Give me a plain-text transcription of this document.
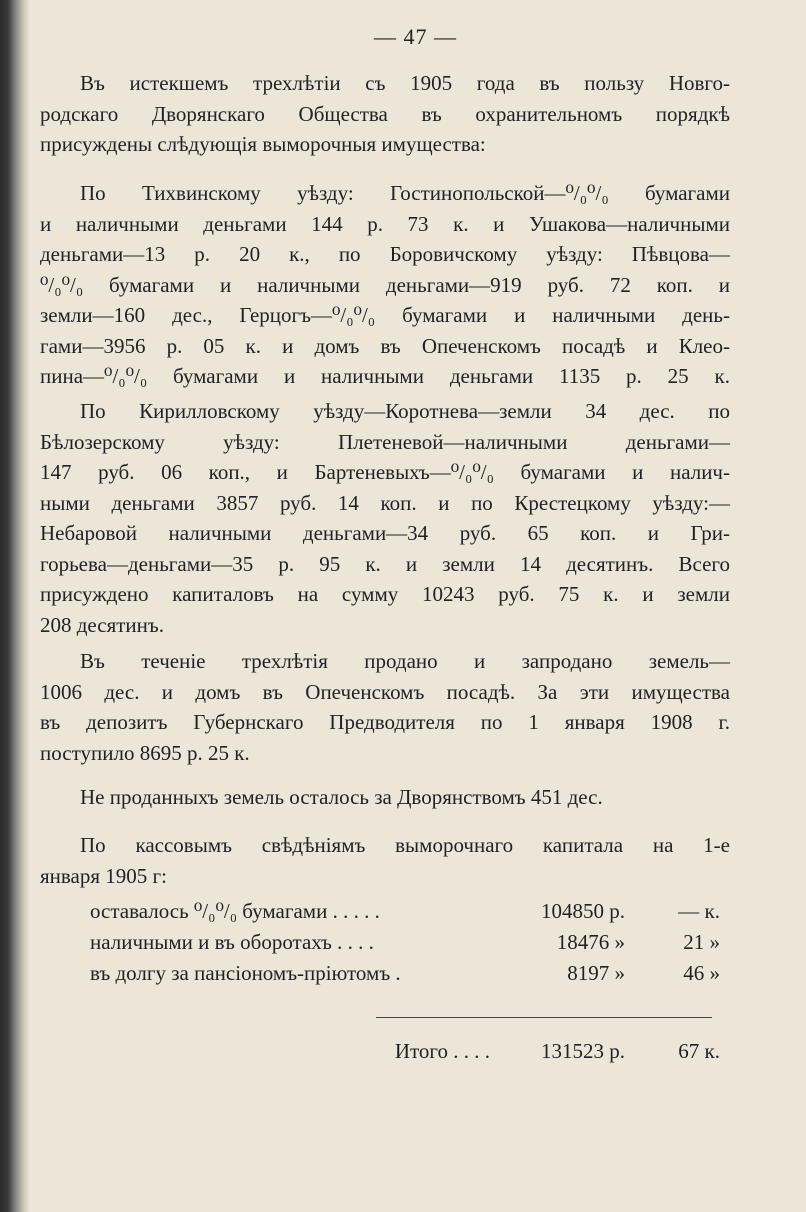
— 47 —

Въ истекшемъ трехлѣтіи съ 1905 года въ пользу Новго-

родскаго Дворянскаго Общества въ охранительномъ порядкѣ

присуждены слѣдующія выморочныя имущества:

По Тихвинскому уѣзду: Гостинопольской—⁰/₀⁰/₀ бумагами

и наличными деньгами 144 р. 73 к. и Ушакова—наличными

деньгами—13 р. 20 к., по Боровичскому уѣзду: Пѣвцова—

⁰/₀⁰/₀ бумагами и наличными деньгами—919 руб. 72 коп. и

земли—160 дес., Герцогъ—⁰/₀⁰/₀ бумагами и наличными день-

гами—3956 р. 05 к. и домъ въ Опеченскомъ посадѣ и Клео-

пина—⁰/₀⁰/₀ бумагами и наличными деньгами 1135 р. 25 к.

По Кирилловскому уѣзду—Коротнева—земли 34 дес. по

Бѣлозерскому уѣзду: Плетеневой—наличными деньгами—

147 руб. 06 коп., и Бартеневыхъ—⁰/₀⁰/₀ бумагами и налич-

ными деньгами 3857 руб. 14 коп. и по Крестецкому уѣзду:—

Небаровой наличными деньгами—34 руб. 65 коп. и Гри-

горьева—деньгами—35 р. 95 к. и земли 14 десятинъ. Всего

присуждено капиталовъ на сумму 10243 руб. 75 к. и земли

208 десятинъ.

Въ теченіе трехлѣтія продано и запродано земель—

1006 дес. и домъ въ Опеченскомъ посадѣ. За эти имущества

въ депозитъ Губернскаго Предводителя по 1 января 1908 г.

поступило 8695 р. 25 к.

Не проданныхъ земель осталось за Дворянствомъ 451 дес.

По кассовымъ свѣдѣніямъ выморочнаго капитала на 1-е

января 1905 г:

оставалось ⁰/₀⁰/₀ бумагами . . . . .	104850 р.	— к.
наличными и въ оборотахъ . . . .	18476 »	21 »
въ долгу за пансіономъ-пріютомъ .	8197 »	46 »
Итого . . . .	131523 р.	67 к.
